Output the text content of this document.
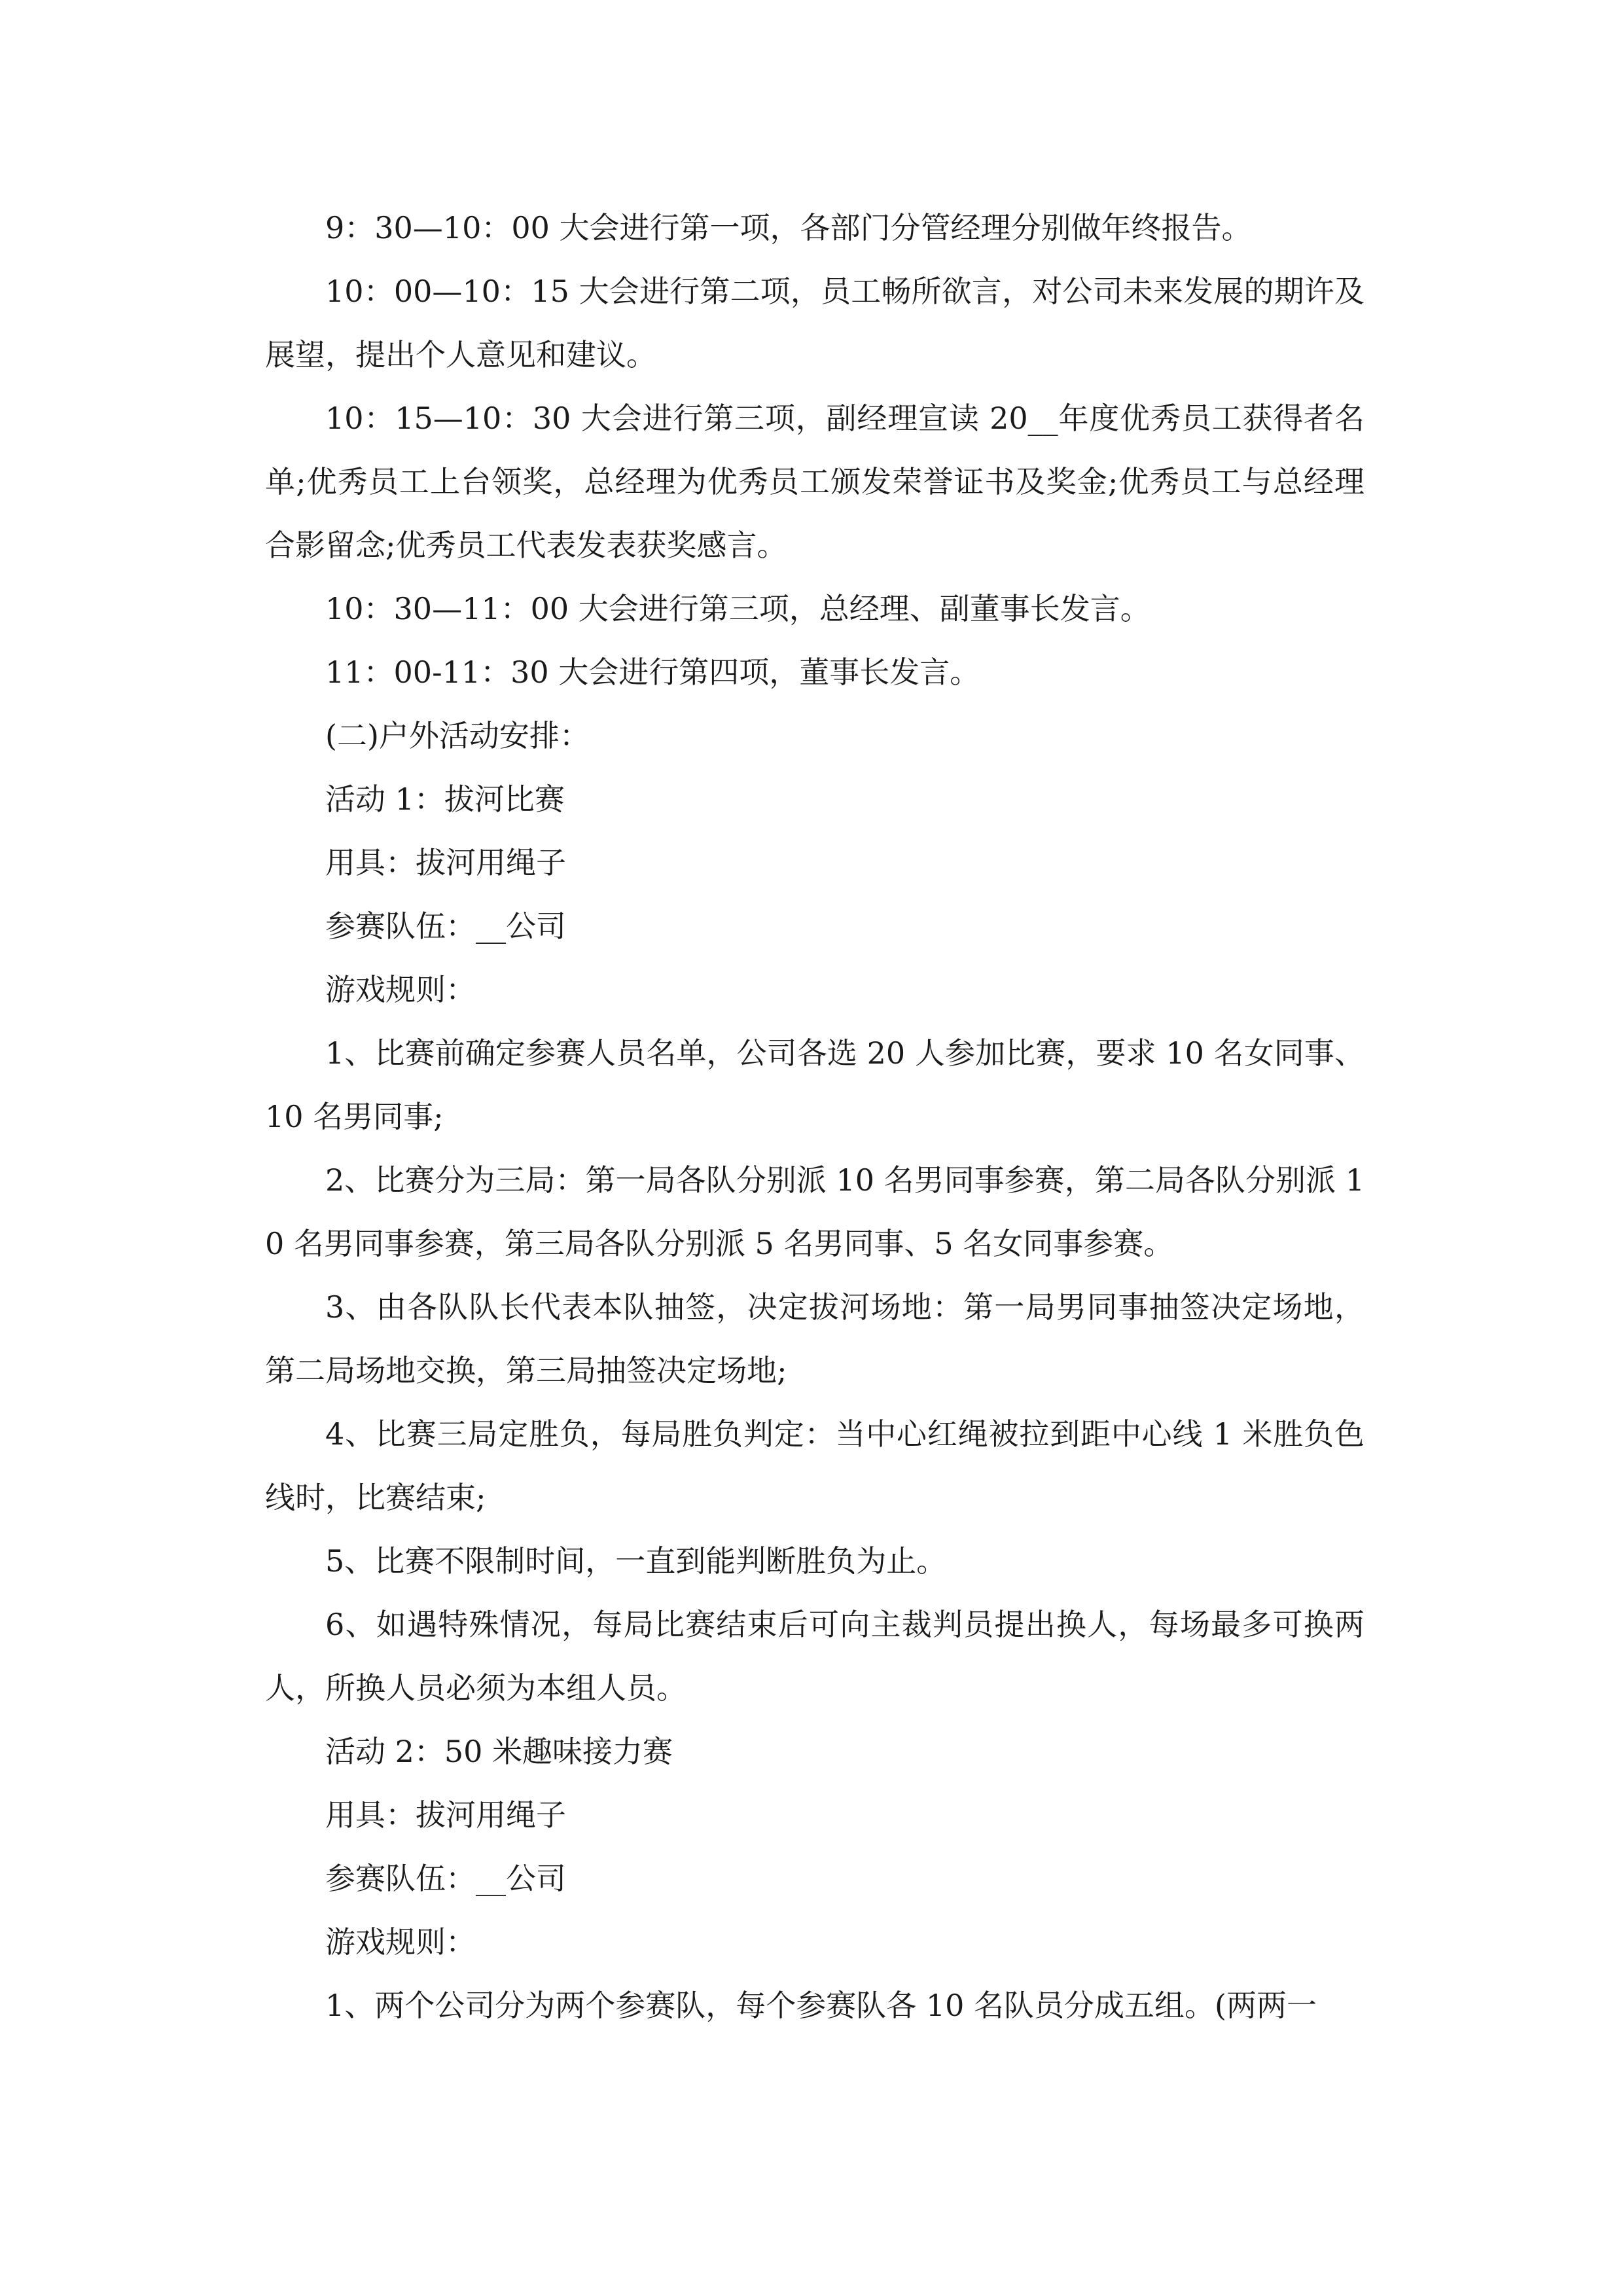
9：30—10：00 大会进行第一项，各部门分管经理分别做年终报告。

10：00—10：15 大会进行第二项，员工畅所欲言，对公司未来发展的期许及展望，提出个人意见和建议。

10：15—10：30 大会进行第三项，副经理宣读 20__年度优秀员工获得者名单;优秀员工上台领奖，总经理为优秀员工颁发荣誉证书及奖金;优秀员工与总经理合影留念;优秀员工代表发表获奖感言。

10：30—11：00 大会进行第三项，总经理、副董事长发言。

11：00-11：30 大会进行第四项，董事长发言。

(二)户外活动安排：

活动 1：拔河比赛

用具：拔河用绳子

参赛队伍：__公司

游戏规则：

1、比赛前确定参赛人员名单，公司各选 20 人参加比赛，要求 10 名女同事、10 名男同事;

2、比赛分为三局：第一局各队分别派 10 名男同事参赛，第二局各队分别派 10 名男同事参赛，第三局各队分别派 5 名男同事、5 名女同事参赛。

3、由各队队长代表本队抽签，决定拔河场地：第一局男同事抽签决定场地，第二局场地交换，第三局抽签决定场地;

4、比赛三局定胜负，每局胜负判定：当中心红绳被拉到距中心线 1 米胜负色线时，比赛结束;

5、比赛不限制时间，一直到能判断胜负为止。

6、如遇特殊情况，每局比赛结束后可向主裁判员提出换人，每场最多可换两人，所换人员必须为本组人员。

活动 2：50 米趣味接力赛

用具：拔河用绳子

参赛队伍：__公司

游戏规则：

1、两个公司分为两个参赛队，每个参赛队各 10 名队员分成五组。(两两一
